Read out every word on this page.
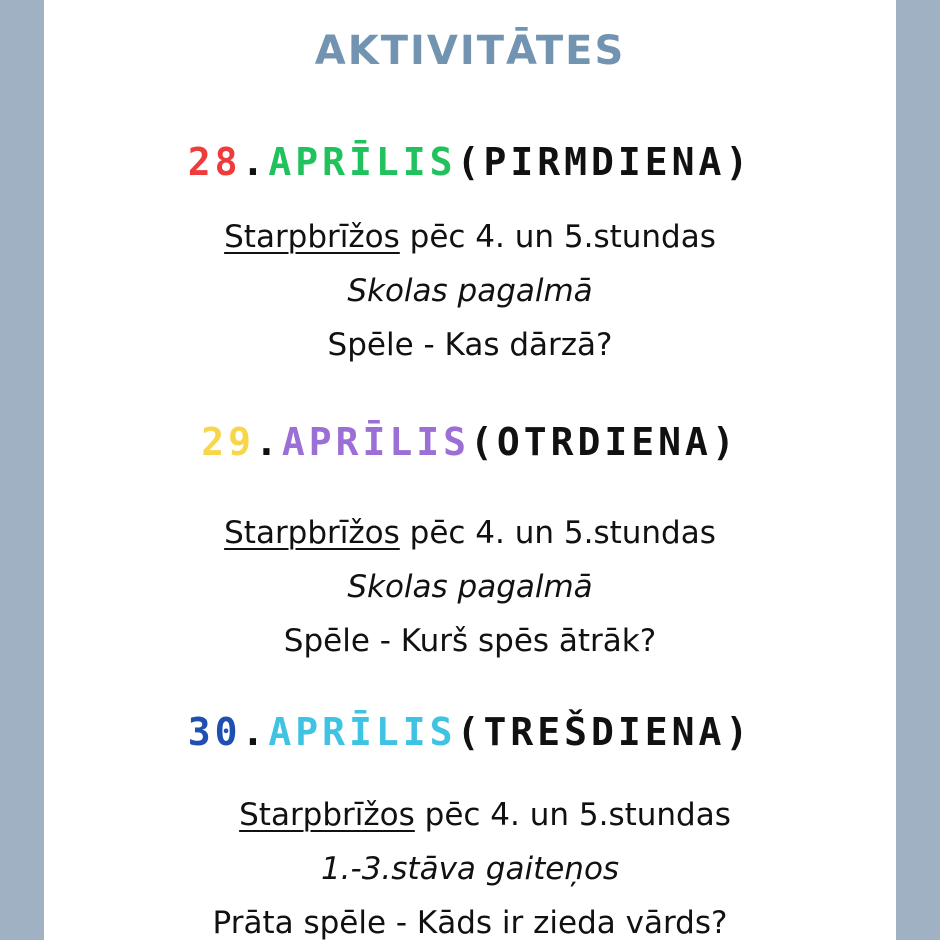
AKTIVITĀTES
28.APRĪLIS(PIRMDIENA)
Starpbrīžos pēc 4. un 5.stundas
Skolas pagalmā
Spēle - Kas dārzā?
29.APRĪLIS(OTRDIENA)
Starpbrīžos pēc 4. un 5.stundas
Skolas pagalmā
Spēle - Kurš spēs ātrāk?
30.APRĪLIS(TREŠDIENA)
Starpbrīžos pēc 4. un 5.stundas
1.-3.stāva gaiteņos
Prāta spēle - Kāds ir zieda vārds?
